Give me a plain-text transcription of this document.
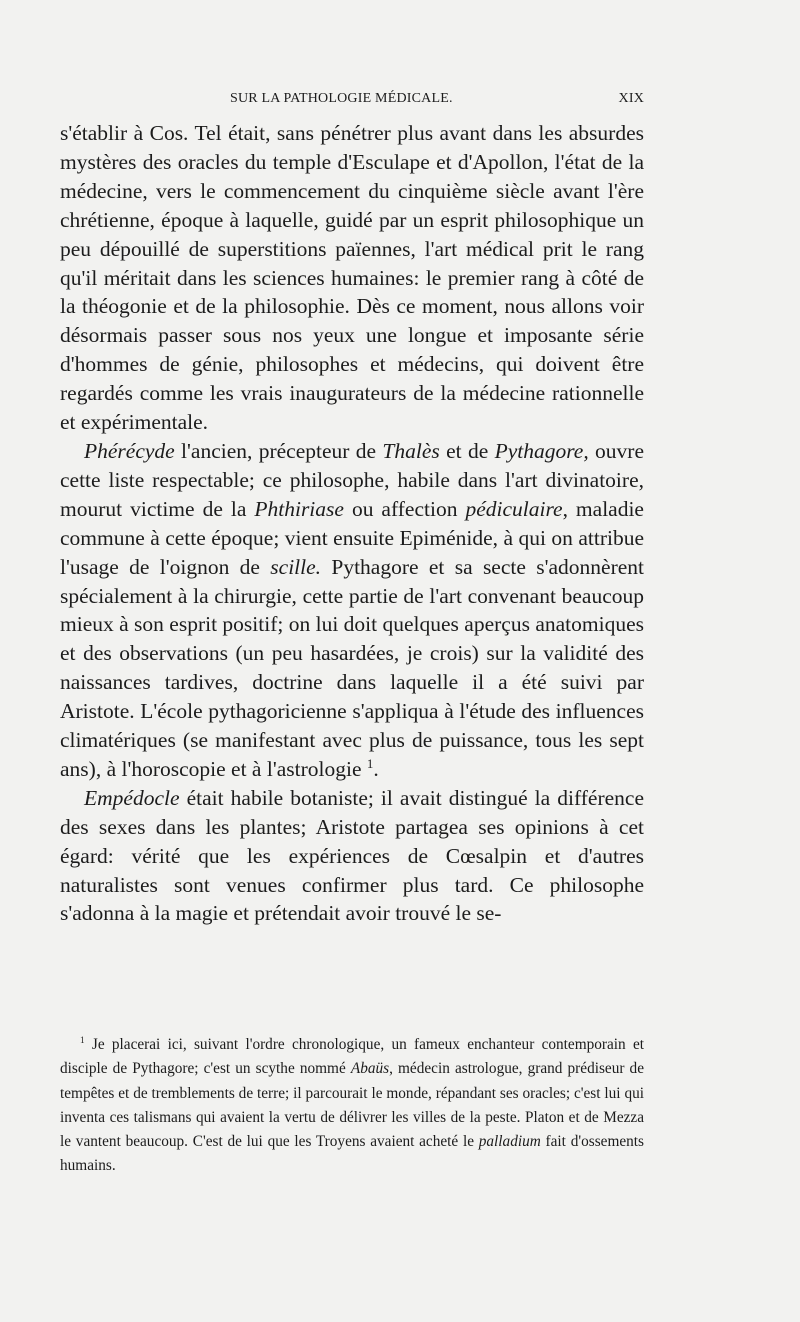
SUR LA PATHOLOGIE MÉDICALE.	XIX

s'établir à Cos. Tel était, sans pénétrer plus avant dans les absurdes mystères des oracles du temple d'Esculape et d'Apollon, l'état de la médecine, vers le commencement du cinquième siècle avant l'ère chrétienne, époque à laquelle, guidé par un esprit philosophique un peu dépouillé de superstitions païennes, l'art médical prit le rang qu'il méritait dans les sciences humaines: le premier rang à côté de la théogonie et de la philosophie. Dès ce moment, nous allons voir désormais passer sous nos yeux une longue et imposante série d'hommes de génie, philosophes et médecins, qui doivent être regardés comme les vrais inaugurateurs de la médecine rationnelle et expérimentale.

Phérécyde l'ancien, précepteur de Thalès et de Pythagore, ouvre cette liste respectable; ce philosophe, habile dans l'art divinatoire, mourut victime de la Phthiriase ou affection pédiculaire, maladie commune à cette époque; vient ensuite Epiménide, à qui on attribue l'usage de l'oignon de scille. Pythagore et sa secte s'adonnèrent spécialement à la chirurgie, cette partie de l'art convenant beaucoup mieux à son esprit positif; on lui doit quelques aperçus anatomiques et des observations (un peu hasardées, je crois) sur la validité des naissances tardives, doctrine dans laquelle il a été suivi par Aristote. L'école pythagoricienne s'appliqua à l'étude des influences climatériques (se manifestant avec plus de puissance, tous les sept ans), à l'horoscopie et à l'astrologie $^1$.

Empédocle était habile botaniste; il avait distingué la différence des sexes dans les plantes; Aristote partagea ses opinions à cet égard: vérité que les expériences de Cœsalpin et d'autres naturalistes sont venues confirmer plus tard. Ce philosophe s'adonna à la magie et prétendait avoir trouvé le se-

$^1$ Je placerai ici, suivant l'ordre chronologique, un fameux enchanteur contemporain et disciple de Pythagore; c'est un scythe nommé Abaüs, médecin astrologue, grand prédiseur de tempêtes et de tremblements de terre; il parcourait le monde, répandant ses oracles; c'est lui qui inventa ces talismans qui avaient la vertu de délivrer les villes de la peste. Platon et de Mezza le vantent beaucoup. C'est de lui que les Troyens avaient acheté le palladium fait d'ossements humains.
